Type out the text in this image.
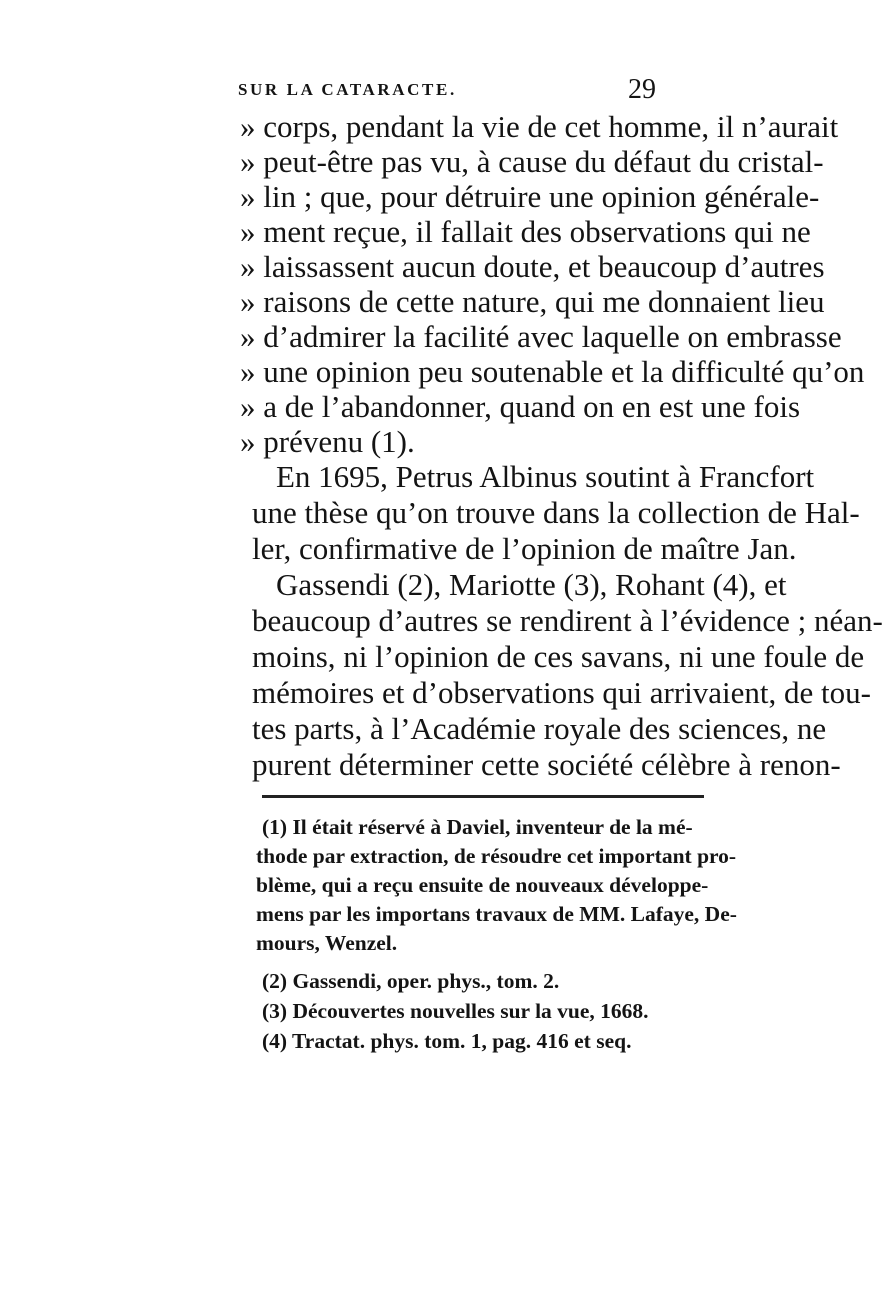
SUR LA CATARACTE.	29
» corps, pendant la vie de cet homme, il n’aurait
» peut-être pas vu, à cause du défaut du cristal-
» lin ; que, pour détruire une opinion générale-
» ment reçue, il fallait des observations qui ne
» laissassent aucun doute, et beaucoup d’autres
» raisons de cette nature, qui me donnaient lieu
» d’admirer la facilité avec laquelle on embrasse
» une opinion peu soutenable et la difficulté qu’on
» a de l’abandonner, quand on en est une fois
» prévenu (1).
En 1695, Petrus Albinus soutint à Francfort
une thèse qu’on trouve dans la collection de Hal-
ler, confirmative de l’opinion de maître Jan.
Gassendi (2), Mariotte (3), Rohant (4), et
beaucoup d’autres se rendirent à l’évidence ; néan-
moins, ni l’opinion de ces savans, ni une foule de
mémoires et d’observations qui arrivaient, de tou-
tes parts, à l’Académie royale des sciences, ne
purent déterminer cette société célèbre à renon-
(1) Il était réservé à Daviel, inventeur de la mé-
thode par extraction, de résoudre cet important pro-
blème, qui a reçu ensuite de nouveaux développe-
mens par les importans travaux de MM. Lafaye, De-
mours, Wenzel.
(2) Gassendi, oper. phys., tom. 2.
(3) Découvertes nouvelles sur la vue, 1668.
(4) Tractat. phys. tom. 1, pag. 416 et seq.
